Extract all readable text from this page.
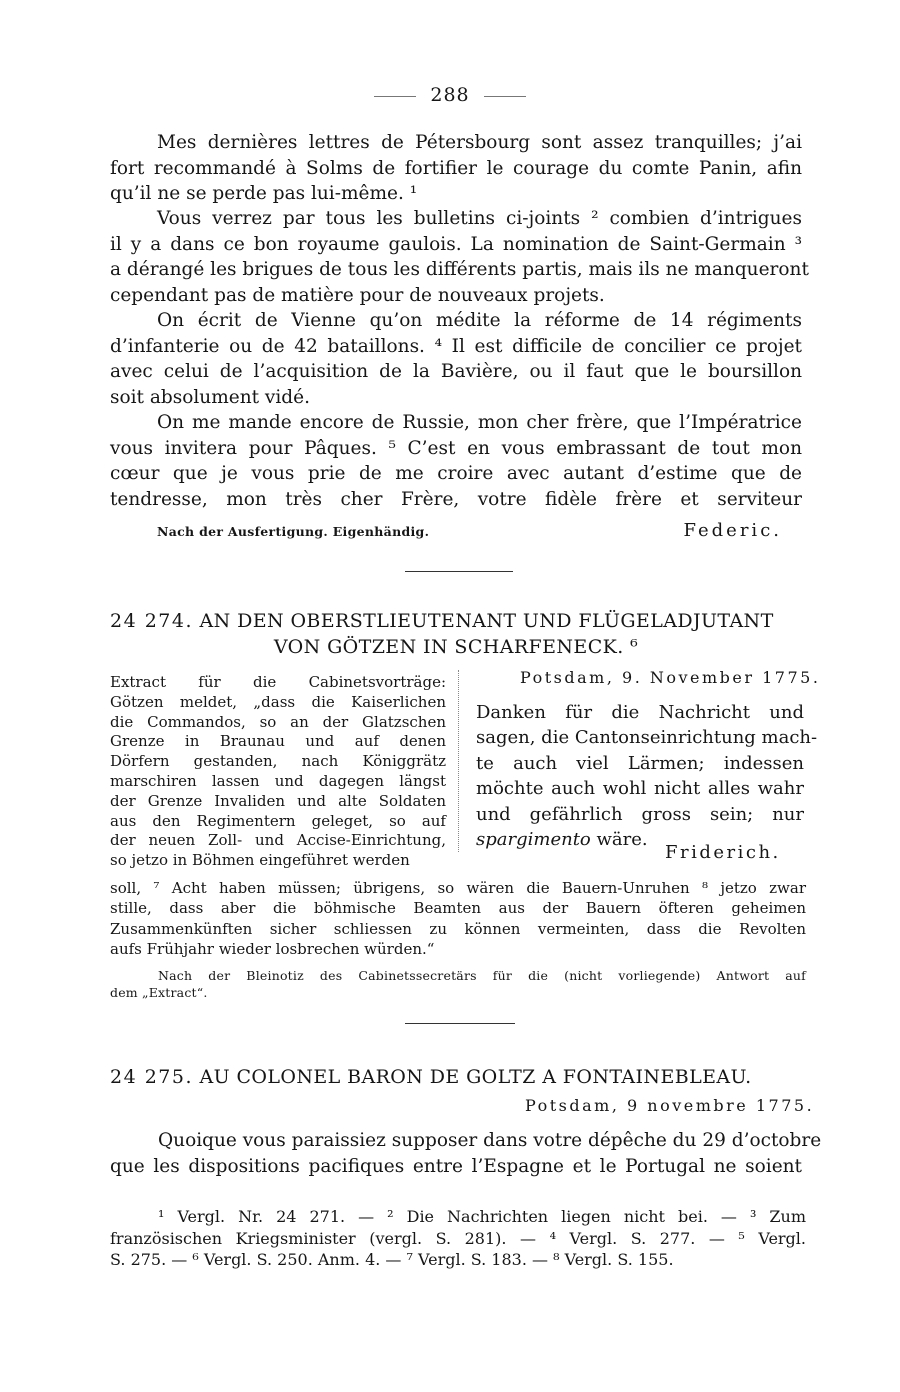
288
Mes dernières lettres de Pétersbourg sont assez tranquilles; j’ai
fort recommandé à Solms de fortifier le courage du comte Panin, afin
qu’il ne se perde pas lui-même. ¹
Vous verrez par tous les bulletins ci-joints ² combien d’intrigues
il y a dans ce bon royaume gaulois. La nomination de Saint-Germain ³
a dérangé les brigues de tous les différents partis, mais ils ne manqueront
cependant pas de matière pour de nouveaux projets.
On écrit de Vienne qu’on médite la réforme de 14 régiments
d’infanterie ou de 42 bataillons. ⁴ Il est difficile de concilier ce projet
avec celui de l’acquisition de la Bavière, ou il faut que le boursillon
soit absolument vidé.
On me mande encore de Russie, mon cher frère, que l’Impératrice
vous invitera pour Pâques. ⁵ C’est en vous embrassant de tout mon
cœur que je vous prie de me croire avec autant d’estime que de
tendresse, mon très cher Frère, votre fidèle frère et serviteur
Nach der Ausfertigung. Eigenhändig.	Federic.
24 274. AN DEN OBERSTLIEUTENANT UND FLÜGELADJUTANT
VON GÖTZEN IN SCHARFENECK. ⁶
Extract für die Cabinetsvorträge:
Götzen meldet, „dass die Kaiserlichen
die Commandos, so an der Glatzschen
Grenze in Braunau und auf denen
Dörfern gestanden, nach Königgrätz
marschiren lassen und dagegen längst
der Grenze Invaliden und alte Soldaten
aus den Regimentern geleget, so auf
der neuen Zoll- und Accise-Einrichtung,
so jetzo in Böhmen eingeführet werden
Potsdam, 9. November 1775.
Danken für die Nachricht und
sagen, die Cantonseinrichtung mach-
te auch viel Lärmen; indessen
möchte auch wohl nicht alles wahr
und gefährlich gross sein; nur
spargimento wäre.
Friderich.
soll, ⁷ Acht haben müssen; übrigens, so wären die Bauern-Unruhen ⁸ jetzo zwar
stille, dass aber die böhmische Beamten aus der Bauern öfteren geheimen
Zusammenkünften sicher schliessen zu können vermeinten, dass die Revolten
aufs Frühjahr wieder losbrechen würden.“
Nach der Bleinotiz des Cabinetssecretärs für die (nicht vorliegende) Antwort auf
dem „Extract“.
24 275. AU COLONEL BARON DE GOLTZ A FONTAINEBLEAU.
Potsdam, 9 novembre 1775.
Quoique vous paraissiez supposer dans votre dépêche du 29 d’octobre
que les dispositions pacifiques entre l’Espagne et le Portugal ne soient
¹ Vergl. Nr. 24 271. — ² Die Nachrichten liegen nicht bei. — ³ Zum
französischen Kriegsminister (vergl. S. 281). — ⁴ Vergl. S. 277. — ⁵ Vergl.
S. 275. — ⁶ Vergl. S. 250. Anm. 4. — ⁷ Vergl. S. 183. — ⁸ Vergl. S. 155.
